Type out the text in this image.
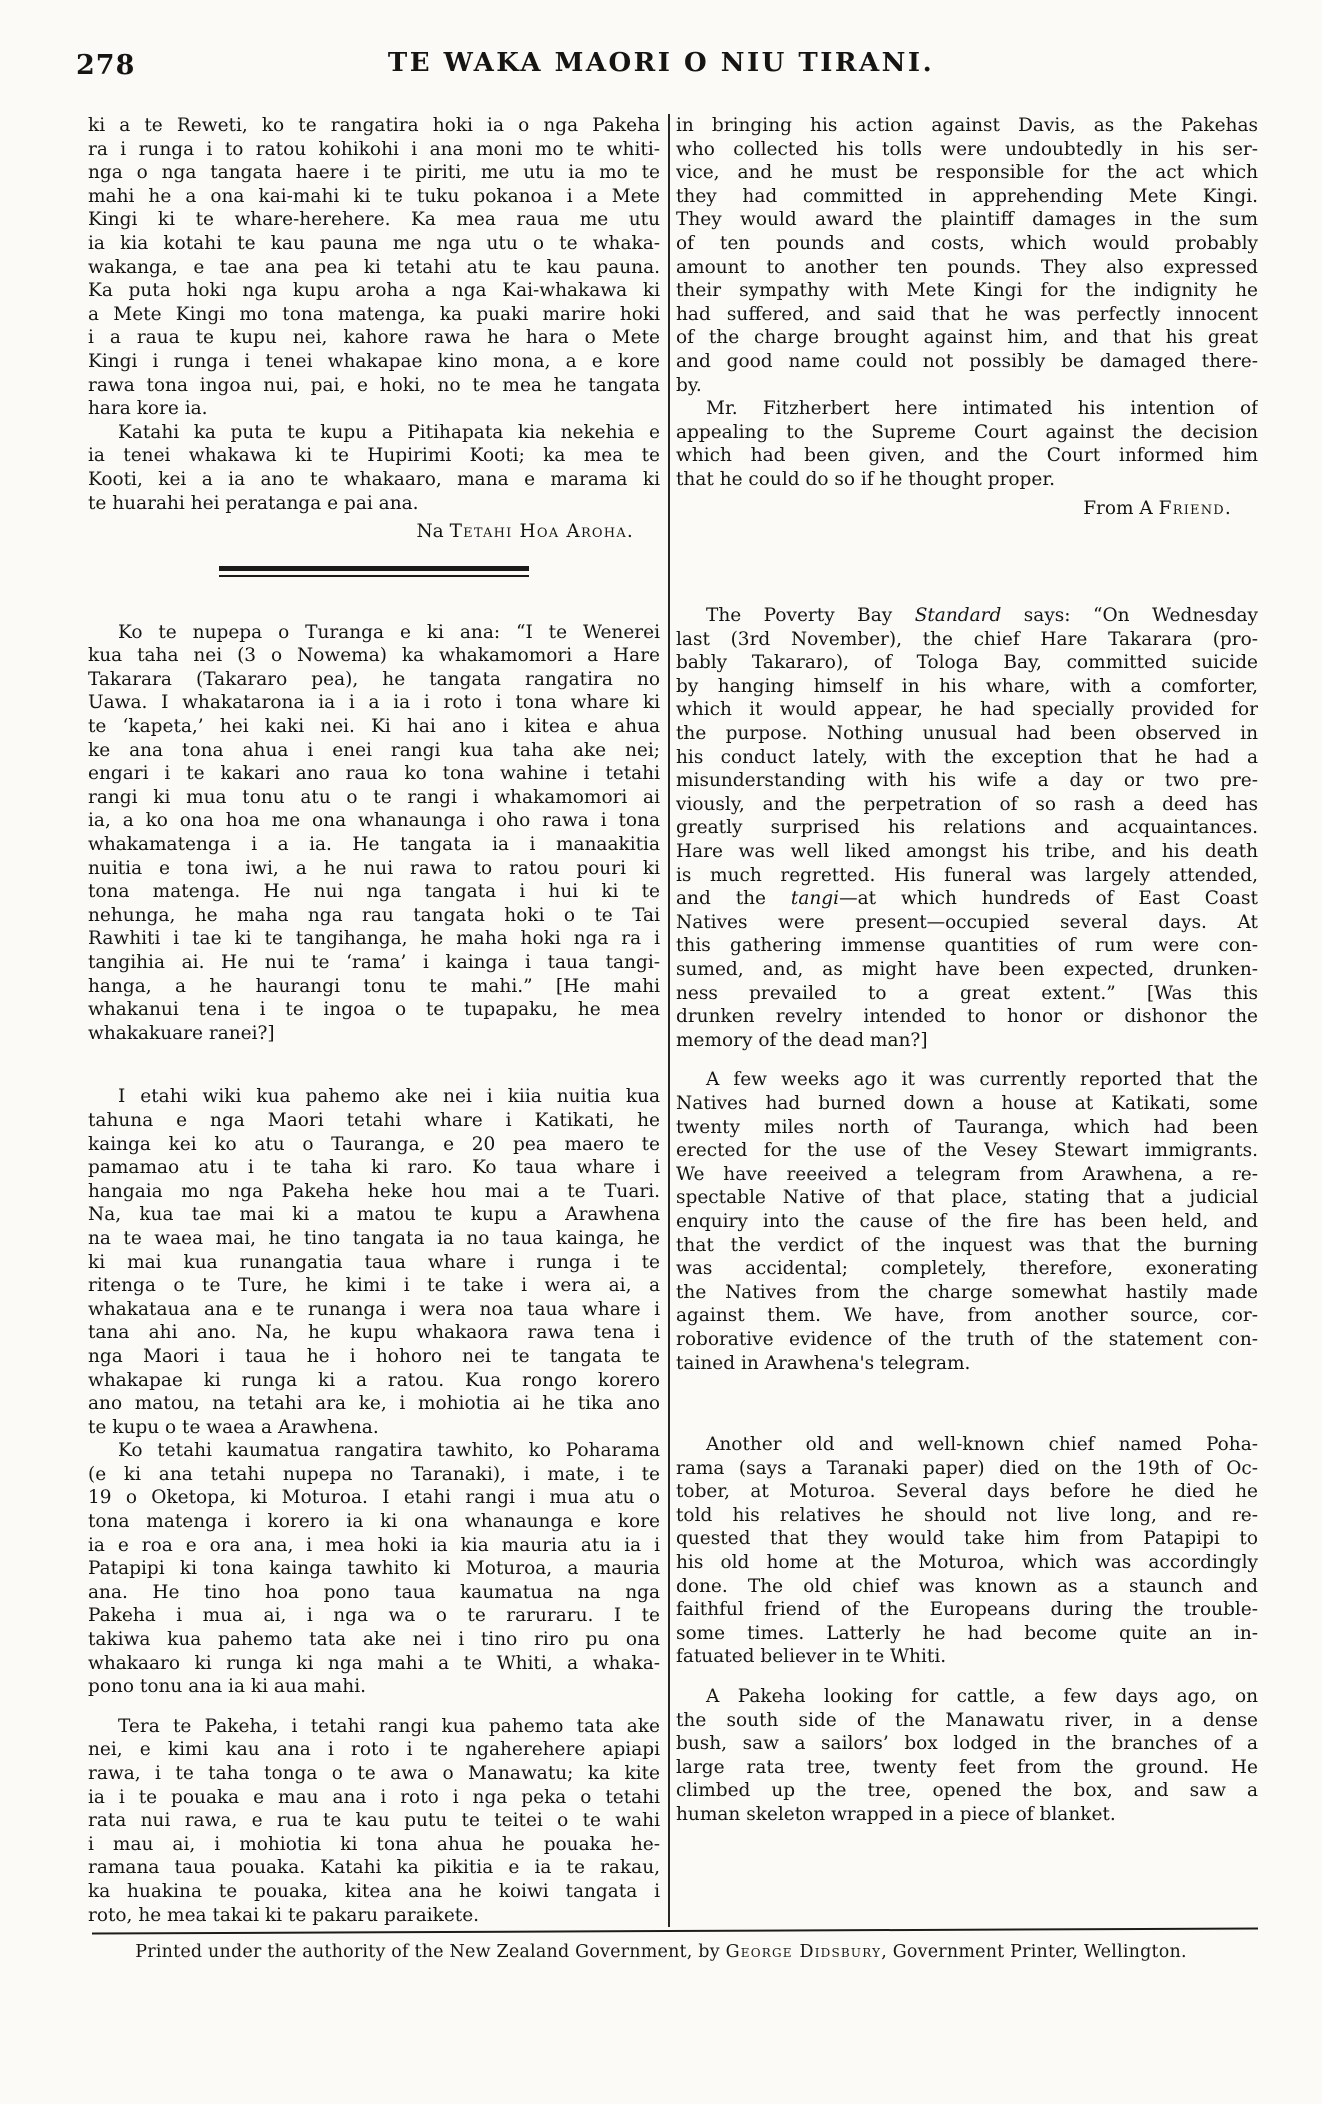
278	TE WAKA MAORI O NIU TIRANI.
ki a te Reweti, ko te rangatira hoki ia o nga Pakeha
ra i runga i to ratou kohikohi i ana moni mo te whiti-
nga o nga tangata haere i te piriti, me utu ia mo te
mahi he a ona kai-mahi ki te tuku pokanoa i a Mete
Kingi ki te whare-herehere. Ka mea raua me utu
ia kia kotahi te kau pauna me nga utu o te whaka-
wakanga, e tae ana pea ki tetahi atu te kau pauna.
Ka puta hoki nga kupu aroha a nga Kai-whakawa ki
a Mete Kingi mo tona matenga, ka puaki marire hoki
i a raua te kupu nei, kahore rawa he hara o Mete
Kingi i runga i tenei whakapae kino mona, a e kore
rawa tona ingoa nui, pai, e hoki, no te mea he tangata
hara kore ia.
Katahi ka puta te kupu a Pitihapata kia nekehia e
ia tenei whakawa ki te Hupirimi Kooti; ka mea te
Kooti, kei a ia ano te whakaaro, mana e marama ki
te huarahi hei peratanga e pai ana.
Na Tetahi Hoa Aroha.
Ko te nupepa o Turanga e ki ana: “I te Wenerei
kua taha nei (3 o Nowema) ka whakamomori a Hare
Takarara (Takararo pea), he tangata rangatira no
Uawa. I whakatarona ia i a ia i roto i tona whare ki
te ‘kapeta,’ hei kaki nei. Ki hai ano i kitea e ahua
ke ana tona ahua i enei rangi kua taha ake nei;
engari i te kakari ano raua ko tona wahine i tetahi
rangi ki mua tonu atu o te rangi i whakamomori ai
ia, a ko ona hoa me ona whanaunga i oho rawa i tona
whakamatenga i a ia. He tangata ia i manaakitia
nuitia e tona iwi, a he nui rawa to ratou pouri ki
tona matenga. He nui nga tangata i hui ki te
nehunga, he maha nga rau tangata hoki o te Tai
Rawhiti i tae ki te tangihanga, he maha hoki nga ra i
tangihia ai. He nui te ‘rama’ i kainga i taua tangi-
hanga, a he haurangi tonu te mahi.” [He mahi
whakanui tena i te ingoa o te tupapaku, he mea
whakakuare ranei?]
I etahi wiki kua pahemo ake nei i kiia nuitia kua
tahuna e nga Maori tetahi whare i Katikati, he
kainga kei ko atu o Tauranga, e 20 pea maero te
pamamao atu i te taha ki raro. Ko taua whare i
hangaia mo nga Pakeha heke hou mai a te Tuari.
Na, kua tae mai ki a matou te kupu a Arawhena
na te waea mai, he tino tangata ia no taua kainga, he
ki mai kua runangatia taua whare i runga i te
ritenga o te Ture, he kimi i te take i wera ai, a
whakataua ana e te runanga i wera noa taua whare i
tana ahi ano. Na, he kupu whakaora rawa tena i
nga Maori i taua he i hohoro nei te tangata te
whakapae ki runga ki a ratou. Kua rongo korero
ano matou, na tetahi ara ke, i mohiotia ai he tika ano
te kupu o te waea a Arawhena.
Ko tetahi kaumatua rangatira tawhito, ko Poharama
(e ki ana tetahi nupepa no Taranaki), i mate, i te
19 o Oketopa, ki Moturoa. I etahi rangi i mua atu o
tona matenga i korero ia ki ona whanaunga e kore
ia e roa e ora ana, i mea hoki ia kia mauria atu ia i
Patapipi ki tona kainga tawhito ki Moturoa, a mauria
ana. He tino hoa pono taua kaumatua na nga
Pakeha i mua ai, i nga wa o te raruraru. I te
takiwa kua pahemo tata ake nei i tino riro pu ona
whakaaro ki runga ki nga mahi a te Whiti, a whaka-
pono tonu ana ia ki aua mahi.
Tera te Pakeha, i tetahi rangi kua pahemo tata ake
nei, e kimi kau ana i roto i te ngaherehere apiapi
rawa, i te taha tonga o te awa o Manawatu; ka kite
ia i te pouaka e mau ana i roto i nga peka o tetahi
rata nui rawa, e rua te kau putu te teitei o te wahi
i mau ai, i mohiotia ki tona ahua he pouaka he-
ramana taua pouaka. Katahi ka pikitia e ia te rakau,
ka huakina te pouaka, kitea ana he koiwi tangata i
roto, he mea takai ki te pakaru paraikete.
in bringing his action against Davis, as the Pakehas
who collected his tolls were undoubtedly in his ser-
vice, and he must be responsible for the act which
they had committed in apprehending Mete Kingi.
They would award the plaintiff damages in the sum
of ten pounds and costs, which would probably
amount to another ten pounds. They also expressed
their sympathy with Mete Kingi for the indignity he
had suffered, and said that he was perfectly innocent
of the charge brought against him, and that his great
and good name could not possibly be damaged there-
by.
Mr. Fitzherbert here intimated his intention of
appealing to the Supreme Court against the decision
which had been given, and the Court informed him
that he could do so if he thought proper.
From A Friend.
The Poverty Bay Standard says: “On Wednesday
last (3rd November), the chief Hare Takarara (pro-
bably Takararo), of Tologa Bay, committed suicide
by hanging himself in his whare, with a comforter,
which it would appear, he had specially provided for
the purpose. Nothing unusual had been observed in
his conduct lately, with the exception that he had a
misunderstanding with his wife a day or two pre-
viously, and the perpetration of so rash a deed has
greatly surprised his relations and acquaintances.
Hare was well liked amongst his tribe, and his death
is much regretted. His funeral was largely attended,
and the tangi—at which hundreds of East Coast
Natives were present—occupied several days. At
this gathering immense quantities of rum were con-
sumed, and, as might have been expected, drunken-
ness prevailed to a great extent.” [Was this
drunken revelry intended to honor or dishonor the
memory of the dead man?]
A few weeks ago it was currently reported that the
Natives had burned down a house at Katikati, some
twenty miles north of Tauranga, which had been
erected for the use of the Vesey Stewart immigrants.
We have reeeived a telegram from Arawhena, a re-
spectable Native of that place, stating that a judicial
enquiry into the cause of the fire has been held, and
that the verdict of the inquest was that the burning
was accidental; completely, therefore, exonerating
the Natives from the charge somewhat hastily made
against them. We have, from another source, cor-
roborative evidence of the truth of the statement con-
tained in Arawhena's telegram.
Another old and well-known chief named Poha-
rama (says a Taranaki paper) died on the 19th of Oc-
tober, at Moturoa. Several days before he died he
told his relatives he should not live long, and re-
quested that they would take him from Patapipi to
his old home at the Moturoa, which was accordingly
done. The old chief was known as a staunch and
faithful friend of the Europeans during the trouble-
some times. Latterly he had become quite an in-
fatuated believer in te Whiti.
A Pakeha looking for cattle, a few days ago, on
the south side of the Manawatu river, in a dense
bush, saw a sailors’ box lodged in the branches of a
large rata tree, twenty feet from the ground. He
climbed up the tree, opened the box, and saw a
human skeleton wrapped in a piece of blanket.
Printed under the authority of the New Zealand Government, by George Didsbury, Government Printer, Wellington.
